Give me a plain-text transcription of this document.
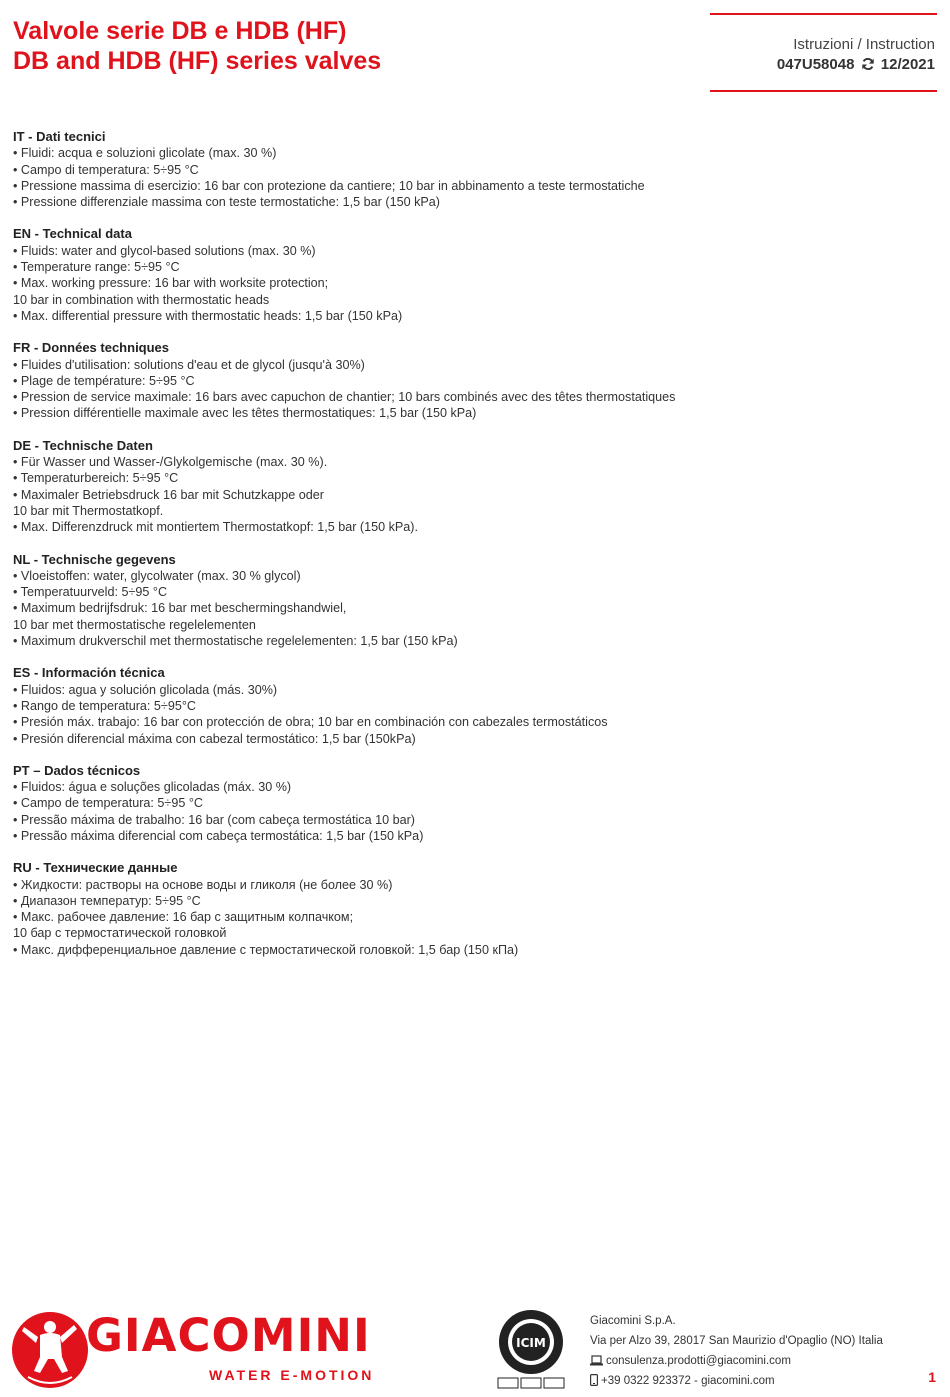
Valvole serie DB e HDB (HF)
DB and HDB (HF) series valves
Istruzioni / Instruction
047U58048 12/2021
IT - Dati tecnici
• Fluidi: acqua e soluzioni glicolate (max. 30 %)
• Campo di temperatura: 5÷95 °C
• Pressione massima di esercizio: 16 bar con protezione da cantiere; 10 bar in abbinamento a teste termostatiche
• Pressione differenziale massima con teste termostatiche: 1,5 bar (150 kPa)
EN - Technical data
• Fluids: water and glycol-based solutions (max. 30 %)
• Temperature range: 5÷95 °C
• Max. working pressure: 16 bar with worksite protection;
10 bar in combination with thermostatic heads
• Max. differential pressure with thermostatic heads: 1,5 bar (150 kPa)
FR - Données techniques
• Fluides d'utilisation: solutions d'eau et de glycol (jusqu'à 30%)
• Plage de température: 5÷95 °C
• Pression de service maximale: 16 bars avec capuchon de chantier; 10 bars combinés avec des têtes thermostatiques
• Pression différentielle maximale avec les têtes thermostatiques: 1,5 bar (150 kPa)
DE - Technische Daten
• Für Wasser und Wasser-/Glykolgemische (max. 30 %).
• Temperaturbereich: 5÷95 °C
• Maximaler Betriebsdruck 16 bar mit Schutzkappe oder
10 bar mit Thermostatkopf.
• Max. Differenzdruck mit montiertem Thermostatkopf: 1,5 bar (150 kPa).
NL - Technische gegevens
• Vloeistoffen: water, glycolwater (max. 30 % glycol)
• Temperatuurveld: 5÷95 °C
• Maximum bedrijfsdruk: 16 bar met beschermingshandwiel,
10 bar met thermostatische regelelementen
• Maximum drukverschil met thermostatische regelelementen: 1,5 bar (150 kPa)
ES - Información técnica
• Fluidos: agua y solución glicolada (más. 30%)
• Rango de temperatura: 5÷95°C
• Presión máx. trabajo: 16 bar con protección de obra; 10 bar en combinación con cabezales termostáticos
• Presión diferencial máxima con cabezal termostático: 1,5 bar (150kPa)
PT – Dados técnicos
• Fluidos: água e soluções glicoladas (máx. 30 %)
• Campo de temperatura: 5÷95 °C
• Pressão máxima de trabalho: 16 bar (com cabeça termostática 10 bar)
• Pressão máxima diferencial com cabeça termostática: 1,5 bar (150 kPa)
RU - Технические данные
• Жидкости: растворы на основе воды и гликоля (не более 30 %)
• Диапазон температур: 5÷95 °C
• Макс. рабочее давление: 16 бар с защитным колпачком;
10 бар с термостатической головкой
• Макс. дифференциальное давление с термостатической головкой: 1,5 бар (150 кПа)
GIACOMINI
WATER E-MOTION
ICIM
Giacomini S.p.A.
Via per Alzo 39, 28017 San Maurizio d'Opaglio (NO) Italia
consulenza.prodotti@giacomini.com
+39 0322 923372 - giacomini.com	1
